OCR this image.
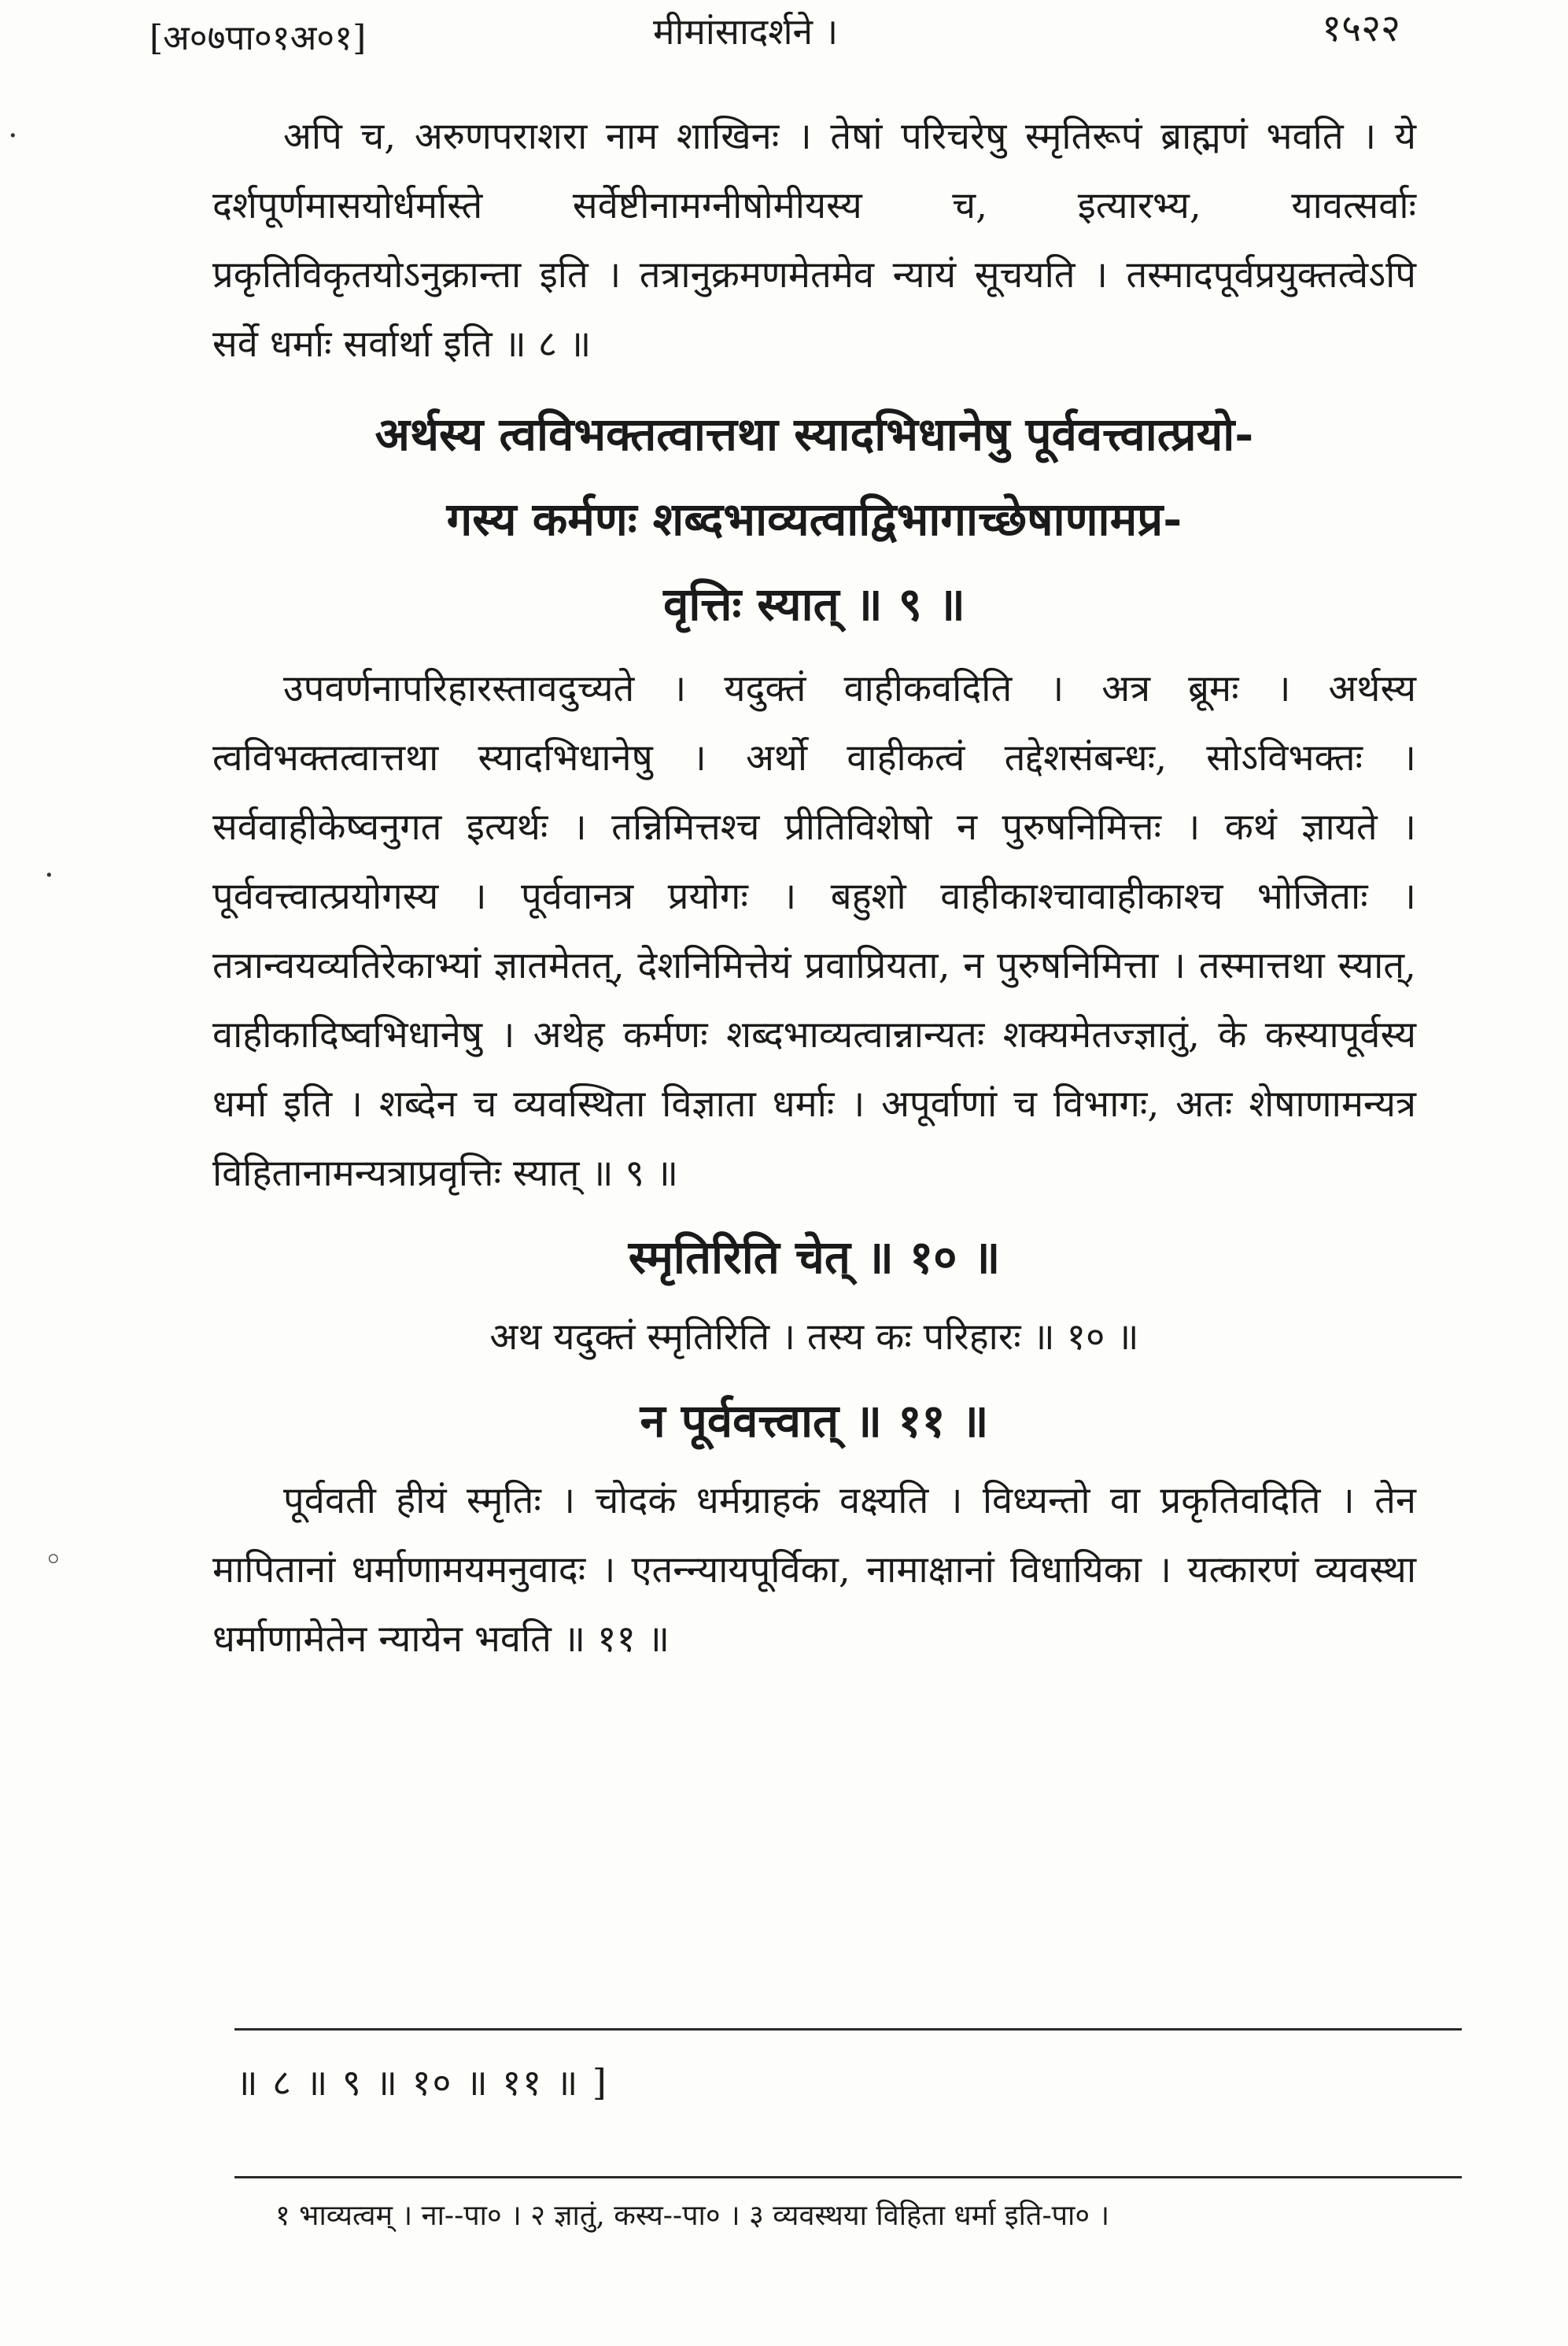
[अ०७पा०१अ०१]	मीमांसादर्शने ।	१५२२

अपि च, अरुणपराशरा नाम शाखिनः । तेषां परिचरेषु स्मृतिरूपं ब्राह्मणं भवति । ये दर्शपूर्णमासयोर्धर्मास्ते सर्वेष्टीनामग्नीषोमीयस्य च, इत्यारभ्य, यावत्सर्वाः प्रकृतिविकृतयोऽनुक्रान्ता इति । तत्रानुक्रमणमेतमेव न्यायं सूचयति । तस्मादपूर्वप्रयुक्तत्वेऽपि सर्वे धर्माः सर्वार्था इति ॥ ८ ॥

अर्थस्य त्वविभक्तत्वात्तथा स्यादभिधानेषु पूर्ववत्त्वात्प्रयो-
गस्य कर्मणः शब्दभाव्यत्वाद्विभागाच्छेषाणामप्र-
वृत्तिः स्यात् ॥ ९ ॥

उपवर्णनापरिहारस्तावदुच्यते । यदुक्तं वाहीकवदिति । अत्र ब्रूमः । अर्थस्य त्वविभक्तत्वात्तथा स्यादभिधानेषु । अर्थो वाहीकत्वं तद्देशसंबन्धः, सोऽविभक्तः । सर्ववाहीकेष्वनुगत इत्यर्थः । तन्निमित्तश्च प्रीतिविशेषो न पुरुषनिमित्तः । कथं ज्ञायते । पूर्ववत्त्वात्प्रयोगस्य । पूर्ववानत्र प्रयोगः । बहुशो वाहीकाश्चावाहीकाश्च भोजिताः । तत्रान्वयव्यतिरेकाभ्यां ज्ञातमेतत्, देशनिमित्तेयं प्रवाप्रियता, न पुरुषनिमित्ता । तस्मात्तथा स्यात्, वाहीकादिष्वभिधानेषु । अथेह कर्मणः शब्दभाव्यत्वान्नान्यतः शक्यमेतज्ज्ञातुं, के कस्यापूर्वस्य धर्मा इति । शब्देन च व्यवस्थिता विज्ञाता धर्माः । अपूर्वाणां च विभागः, अतः शेषाणामन्यत्र विहितानामन्यत्राप्रवृत्तिः स्यात् ॥ ९ ॥

स्मृतिरिति चेत् ॥ १० ॥

अथ यदुक्तं स्मृतिरिति । तस्य कः परिहारः ॥ १० ॥

न पूर्ववत्त्वात् ॥ ११ ॥

पूर्ववती हीयं स्मृतिः । चोदकं धर्मग्राहकं वक्ष्यति । विध्यन्तो वा प्रकृतिवदिति । तेन मापितानां धर्माणामयमनुवादः । एतन्न्यायपूर्विका, नामाक्षानां विधायिका । यत्कारणं व्यवस्था धर्माणामेतेन न्यायेन भवति ॥ ११ ॥

॥ ८ ॥ ९ ॥ १० ॥ ११ ॥ ]
१ भाव्यत्वम् । ना--पा० । २ ज्ञातुं, कस्य--पा० । ३ व्यवस्थया विहिता धर्मा इति-पा० ।
·
·
◦
